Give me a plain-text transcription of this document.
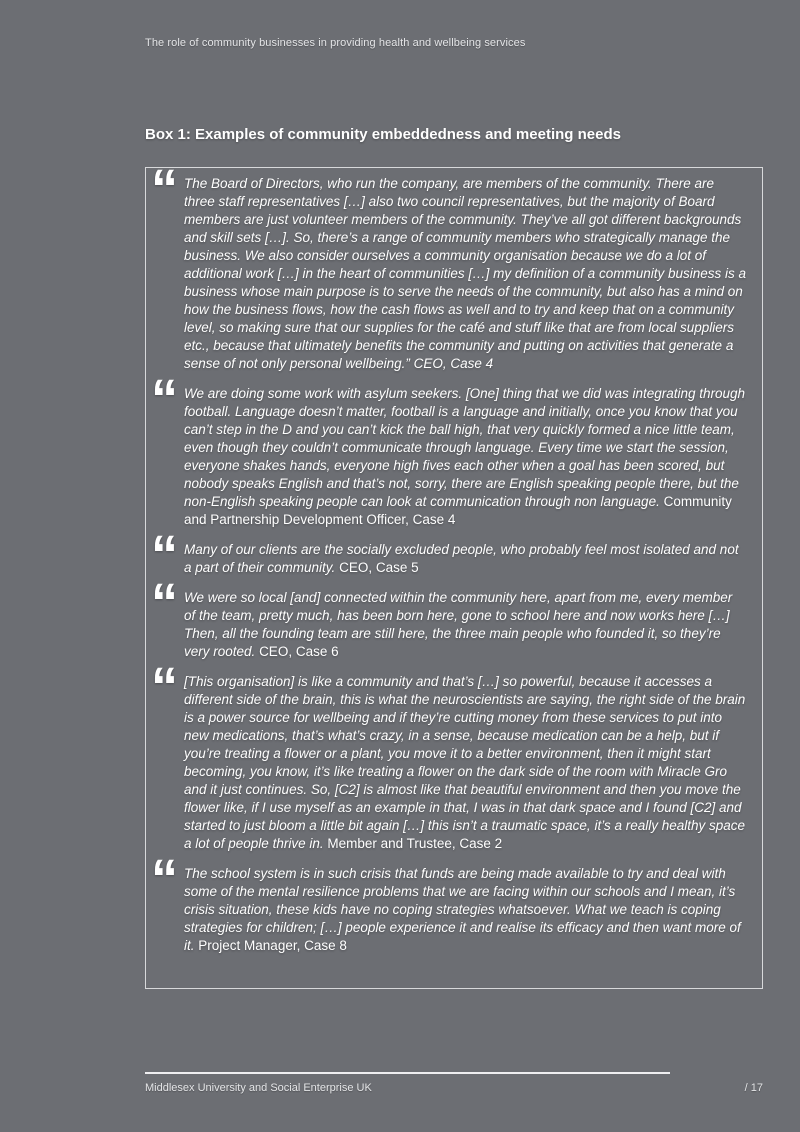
The role of community businesses in providing health and wellbeing services
Box 1: Examples of community embeddedness and meeting needs
“ The Board of Directors, who run the company, are members of the community. There are three staff representatives […] also two council representatives, but the majority of Board members are just volunteer members of the community. They’ve all got different backgrounds and skill sets […]. So, there’s a range of community members who strategically manage the business. We also consider ourselves a community organisation because we do a lot of additional work […] in the heart of communities […] my definition of a community business is a business whose main purpose is to serve the needs of the community, but also has a mind on how the business flows, how the cash flows as well and to try and keep that on a community level, so making sure that our supplies for the café and stuff like that are from local suppliers etc., because that ultimately benefits the community and putting on activities that generate a sense of not only personal wellbeing.” CEO, Case 4
“ We are doing some work with asylum seekers. [One] thing that we did was integrating through football. Language doesn’t matter, football is a language and initially, once you know that you can’t step in the D and you can’t kick the ball high, that very quickly formed a nice little team, even though they couldn’t communicate through language. Every time we start the session, everyone shakes hands, everyone high fives each other when a goal has been scored, but nobody speaks English and that’s not, sorry, there are English speaking people there, but the non-English speaking people can look at communication through non language. Community and Partnership Development Officer, Case 4
“ Many of our clients are the socially excluded people, who probably feel most isolated and not a part of their community. CEO, Case 5
“ We were so local [and] connected within the community here, apart from me, every member of the team, pretty much, has been born here, gone to school here and now works here […] Then, all the founding team are still here, the three main people who founded it, so they’re very rooted. CEO, Case 6
“ [This organisation] is like a community and that’s […] so powerful, because it accesses a different side of the brain, this is what the neuroscientists are saying, the right side of the brain is a power source for wellbeing and if they’re cutting money from these services to put into new medications, that’s what’s crazy, in a sense, because medication can be a help, but if you’re treating a flower or a plant, you move it to a better environment, then it might start becoming, you know, it’s like treating a flower on the dark side of the room with Miracle Gro and it just continues. So, [C2] is almost like that beautiful environment and then you move the flower like, if I use myself as an example in that, I was in that dark space and I found [C2] and started to just bloom a little bit again […] this isn’t a traumatic space, it’s a really healthy space a lot of people thrive in. Member and Trustee, Case 2
“ The school system is in such crisis that funds are being made available to try and deal with some of the mental resilience problems that we are facing within our schools and I mean, it’s crisis situation, these kids have no coping strategies whatsoever. What we teach is coping strategies for children; […] people experience it and realise its efficacy and then want more of it. Project Manager, Case 8
Middlesex University and Social Enterprise UK	/ 17
